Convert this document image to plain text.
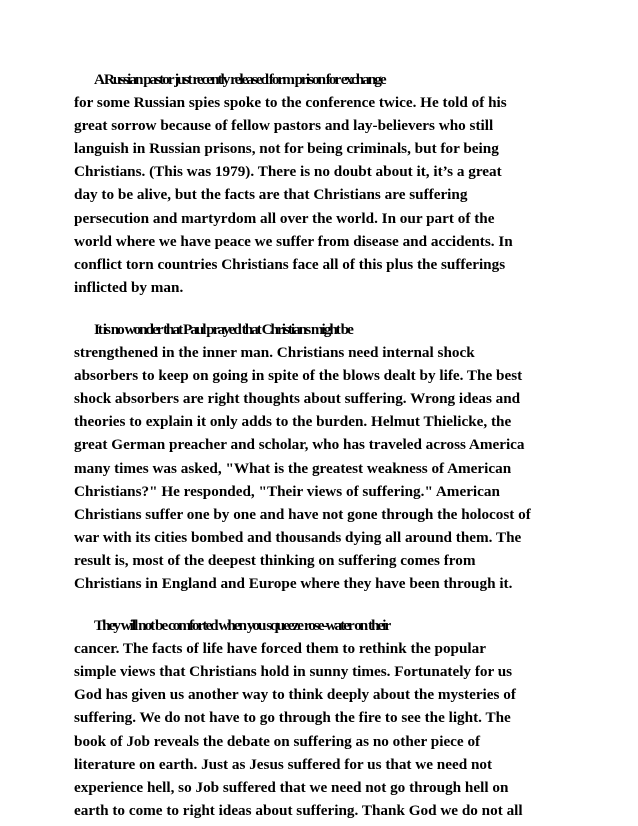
A Russian pastor just recently released form prison for exchange
for some Russian spies spoke to the conference twice. He told of his
great sorrow because of fellow pastors and lay-believers who still
languish in Russian prisons, not for being criminals, but for being
Christians. (This was 1979). There is no doubt about it, it’s a great
day to be alive, but the facts are that Christians are suffering
persecution and martyrdom all over the world. In our part of the
world where we have peace we suffer from disease and accidents. In
conflict torn countries Christians face all of this plus the sufferings
inflicted by man.

It is no wonder that Paul prayed that Christians might be
strengthened in the inner man. Christians need internal shock
absorbers to keep on going in spite of the blows dealt by life. The best
shock absorbers are right thoughts about suffering. Wrong ideas and
theories to explain it only adds to the burden. Helmut Thielicke, the
great German preacher and scholar, who has traveled across America
many times was asked, "What is the greatest weakness of American
Christians?" He responded, "Their views of suffering." American
Christians suffer one by one and have not gone through the holocost of
war with its cities bombed and thousands dying all around them. The
result is, most of the deepest thinking on suffering comes from
Christians in England and Europe where they have been through it.

They will not be comforted when you squeeze rose-water on their
cancer. The facts of life have forced them to rethink the popular
simple views that Christians hold in sunny times. Fortunately for us
God has given us another way to think deeply about the mysteries of
suffering. We do not have to go through the fire to see the light. The
book of Job reveals the debate on suffering as no other piece of
literature on earth. Just as Jesus suffered for us that we need not
experience hell, so Job suffered that we need not go through hell on
earth to come to right ideas about suffering. Thank God we do not all
